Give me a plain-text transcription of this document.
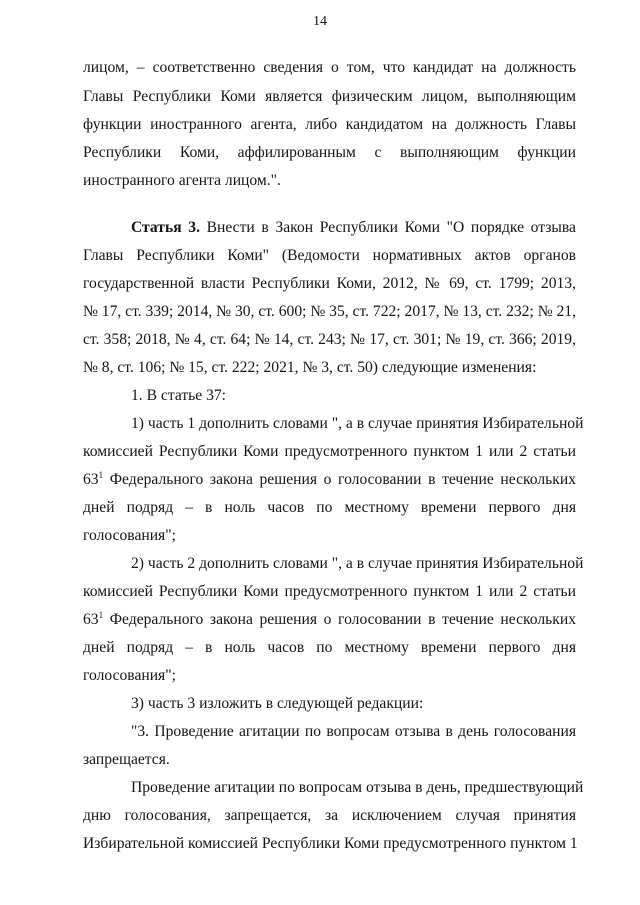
14
лицом, – соответственно сведения о том, что кандидат на должность
Главы Республики Коми является физическим лицом, выполняющим
функции иностранного агента, либо кандидатом на должность Главы
Республики Коми, аффилированным с выполняющим функции
иностранного агента лицом.".
Статья 3. Внести в Закон Республики Коми "О порядке отзыва
Главы Республики Коми" (Ведомости нормативных актов органов
государственной власти Республики Коми, 2012, № 69, ст. 1799; 2013,
№ 17, ст. 339; 2014, № 30, ст. 600; № 35, ст. 722; 2017, № 13, ст. 232; № 21,
ст. 358; 2018, № 4, ст. 64; № 14, ст. 243; № 17, ст. 301; № 19, ст. 366; 2019,
№ 8, ст. 106; № 15, ст. 222; 2021, № 3, ст. 50) следующие изменения:
1. В статье 37:
1) часть 1 дополнить словами ", а в случае принятия Избирательной
комиссией Республики Коми предусмотренного пунктом 1 или 2 статьи
$63^1$ Федерального закона решения о голосовании в течение нескольких
дней подряд – в ноль часов по местному времени первого дня
голосования";
2) часть 2 дополнить словами ", а в случае принятия Избирательной
комиссией Республики Коми предусмотренного пунктом 1 или 2 статьи
$63^1$ Федерального закона решения о голосовании в течение нескольких
дней подряд – в ноль часов по местному времени первого дня
голосования";
3) часть 3 изложить в следующей редакции:
"3. Проведение агитации по вопросам отзыва в день голосования
запрещается.
Проведение агитации по вопросам отзыва в день, предшествующий
дню голосования, запрещается, за исключением случая принятия
Избирательной комиссией Республики Коми предусмотренного пунктом 1
